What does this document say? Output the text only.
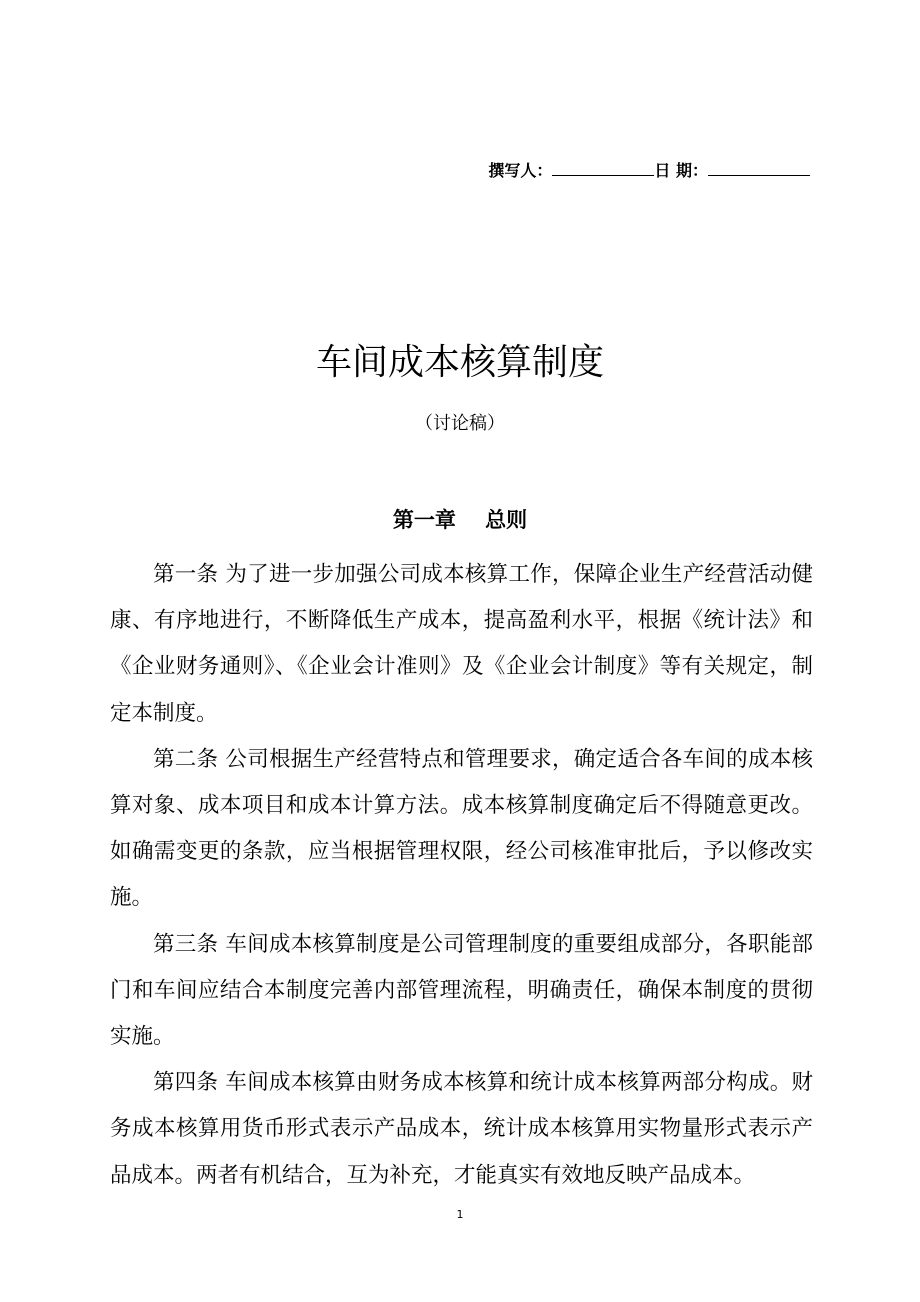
撰写人：	日 期：
车间成本核算制度
（讨论稿）
第一章    总则

第一条 为了进一步加强公司成本核算工作，保障企业生产经营活动健康、有序地进行，不断降低生产成本，提高盈利水平，根据《统计法》和《企业财务通则》、《企业会计准则》及《企业会计制度》等有关规定，制定本制度。

第二条 公司根据生产经营特点和管理要求，确定适合各车间的成本核算对象、成本项目和成本计算方法。成本核算制度确定后不得随意更改。如确需变更的条款，应当根据管理权限，经公司核准审批后，予以修改实施。

第三条 车间成本核算制度是公司管理制度的重要组成部分，各职能部门和车间应结合本制度完善内部管理流程，明确责任，确保本制度的贯彻实施。

第四条 车间成本核算由财务成本核算和统计成本核算两部分构成。财务成本核算用货币形式表示产品成本，统计成本核算用实物量形式表示产品成本。两者有机结合，互为补充，才能真实有效地反映产品成本。

1
